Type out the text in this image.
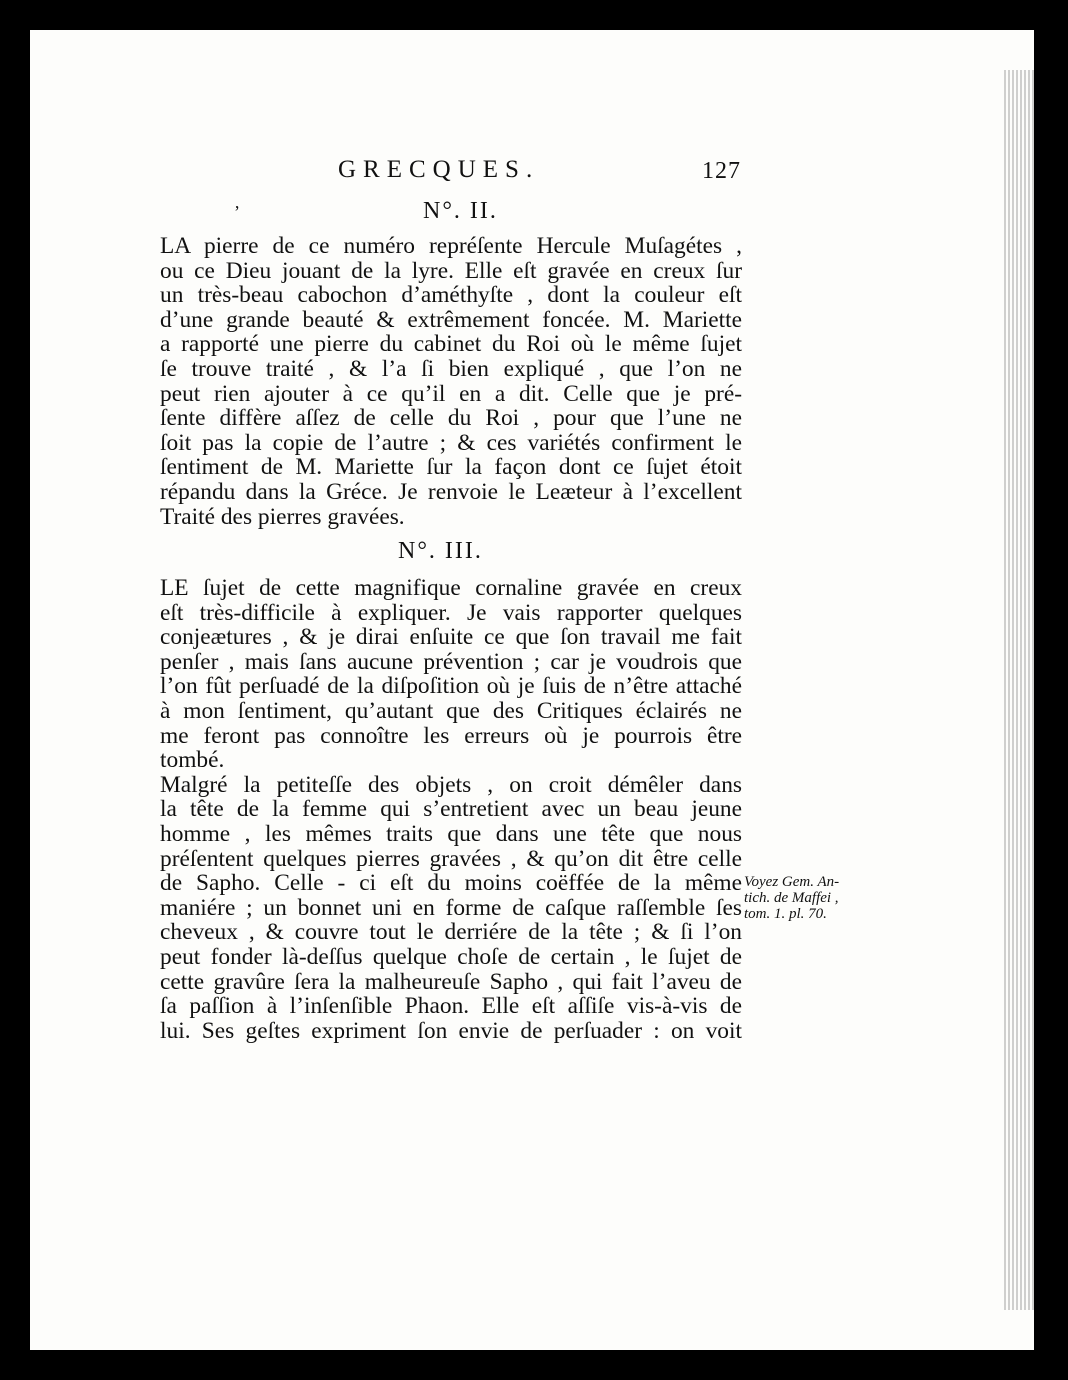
GRECQUES.	127
’	N°. II.
LA pierre de ce numéro repréſente Hercule Muſagétes ,
ou ce Dieu jouant de la lyre. Elle eſt gravée en creux ſur
un très-beau cabochon d’améthyſte , dont la couleur eſt
d’une grande beauté & extrêmement foncée. M. Mariette
a rapporté une pierre du cabinet du Roi où le même ſujet
ſe trouve traité , & l’a ſi bien expliqué , que l’on ne
peut rien ajouter à ce qu’il en a dit. Celle que je pré-
ſente diffère aſſez de celle du Roi , pour que l’une ne
ſoit pas la copie de l’autre ; & ces variétés confirment le
ſentiment de M. Mariette ſur la façon dont ce ſujet étoit
répandu dans la Gréce. Je renvoie le Leæteur à l’excellent
Traité des pierres gravées.
N°. III.
LE ſujet de cette magnifique cornaline gravée en creux
eſt très-difficile à expliquer. Je vais rapporter quelques
conjeætures , & je dirai enſuite ce que ſon travail me fait
penſer , mais ſans aucune prévention ; car je voudrois que
l’on fût perſuadé de la diſpoſition où je ſuis de n’être attaché
à mon ſentiment, qu’autant que des Critiques éclairés ne
me feront pas connoître les erreurs où je pourrois être
tombé.
Malgré la petiteſſe des objets , on croit démêler dans
la tête de la femme qui s’entretient avec un beau jeune
homme , les mêmes traits que dans une tête que nous
préſentent quelques pierres gravées , & qu’on dit être celle
de Sapho. Celle - ci eſt du moins coëffée de la même
maniére ; un bonnet uni en forme de caſque raſſemble ſes
cheveux , & couvre tout le derriére de la tête ; & ſi l’on
peut fonder là-deſſus quelque choſe de certain , le ſujet de
cette gravûre ſera la malheureuſe Sapho , qui fait l’aveu de
ſa paſſion à l’inſenſible Phaon. Elle eſt aſſiſe vis-à-vis de
lui. Ses geſtes expriment ſon envie de perſuader : on voit
Voyez Gem. An-
tich. de Maffei ,
tom. 1. pl. 70.
